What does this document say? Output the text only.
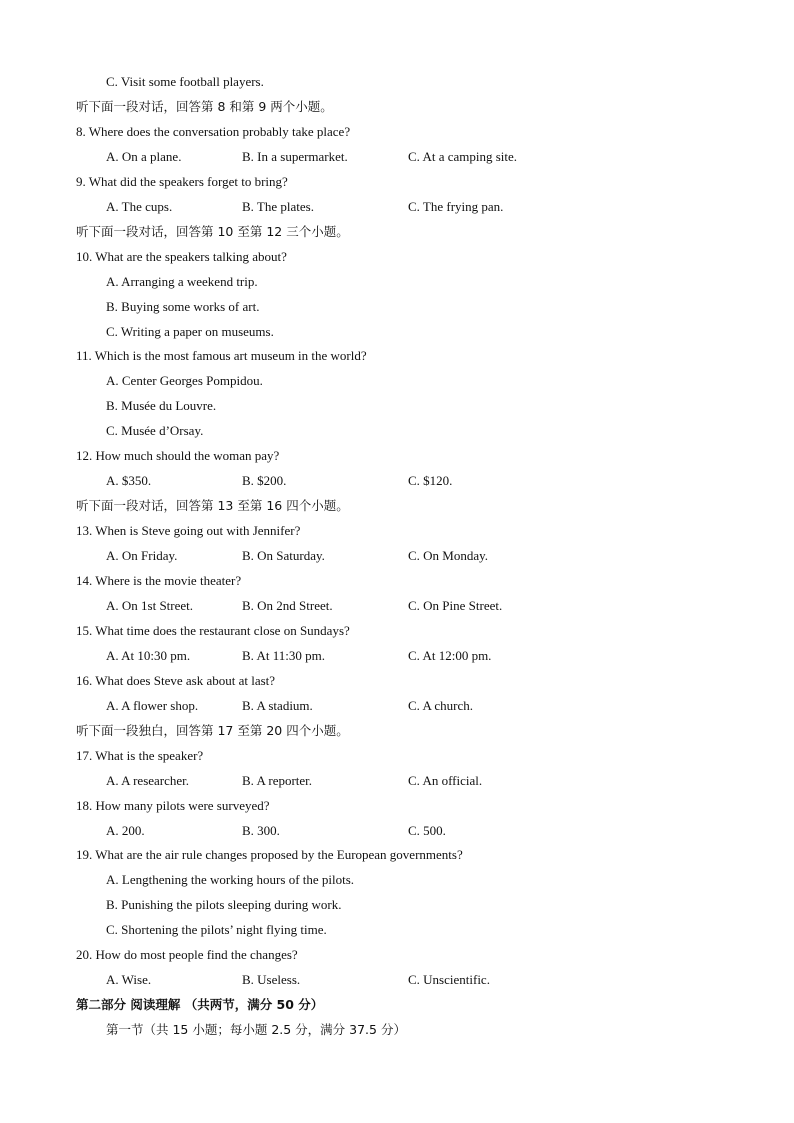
C. Visit some football players.
听下面一段对话，回答第 8 和第 9 两个小题。
8. Where does the conversation probably take place?
A. On a plane.	B. In a supermarket.	C. At a camping site.
9. What did the speakers forget to bring?
A. The cups.	B. The plates.	C. The frying pan.
听下面一段对话，回答第 10 至第 12 三个小题。
10. What are the speakers talking about?
A. Arranging a weekend trip.
B. Buying some works of art.
C. Writing a paper on museums.
11. Which is the most famous art museum in the world?
A. Center Georges Pompidou.
B. Musée du Louvre.
C. Musée d’Orsay.
12. How much should the woman pay?
A. $350.	B. $200.	C. $120.
听下面一段对话，回答第 13 至第 16 四个小题。
13. When is Steve going out with Jennifer?
A. On Friday.	B. On Saturday.	C. On Monday.
14. Where is the movie theater?
A. On 1st Street.	B. On 2nd Street.	C. On Pine Street.
15. What time does the restaurant close on Sundays?
A. At 10:30 pm.	B. At 11:30 pm.	C. At 12:00 pm.
16. What does Steve ask about at last?
A. A flower shop.	B. A stadium.	C. A church.
听下面一段独白，回答第 17 至第 20 四个小题。
17. What is the speaker?
A. A researcher.	B. A reporter.	C. An official.
18. How many pilots were surveyed?
A. 200.	B. 300.	C. 500.
19. What are the air rule changes proposed by the European governments?
A. Lengthening the working hours of the pilots.
B. Punishing the pilots sleeping during work.
C. Shortening the pilots’ night flying time.
20. How do most people find the changes?
A. Wise.	B. Useless.	C. Unscientific.
第二部分 阅读理解 （共两节，满分 50 分）
第一节（共 15 小题；每小题 2.5 分，满分 37.5 分）
